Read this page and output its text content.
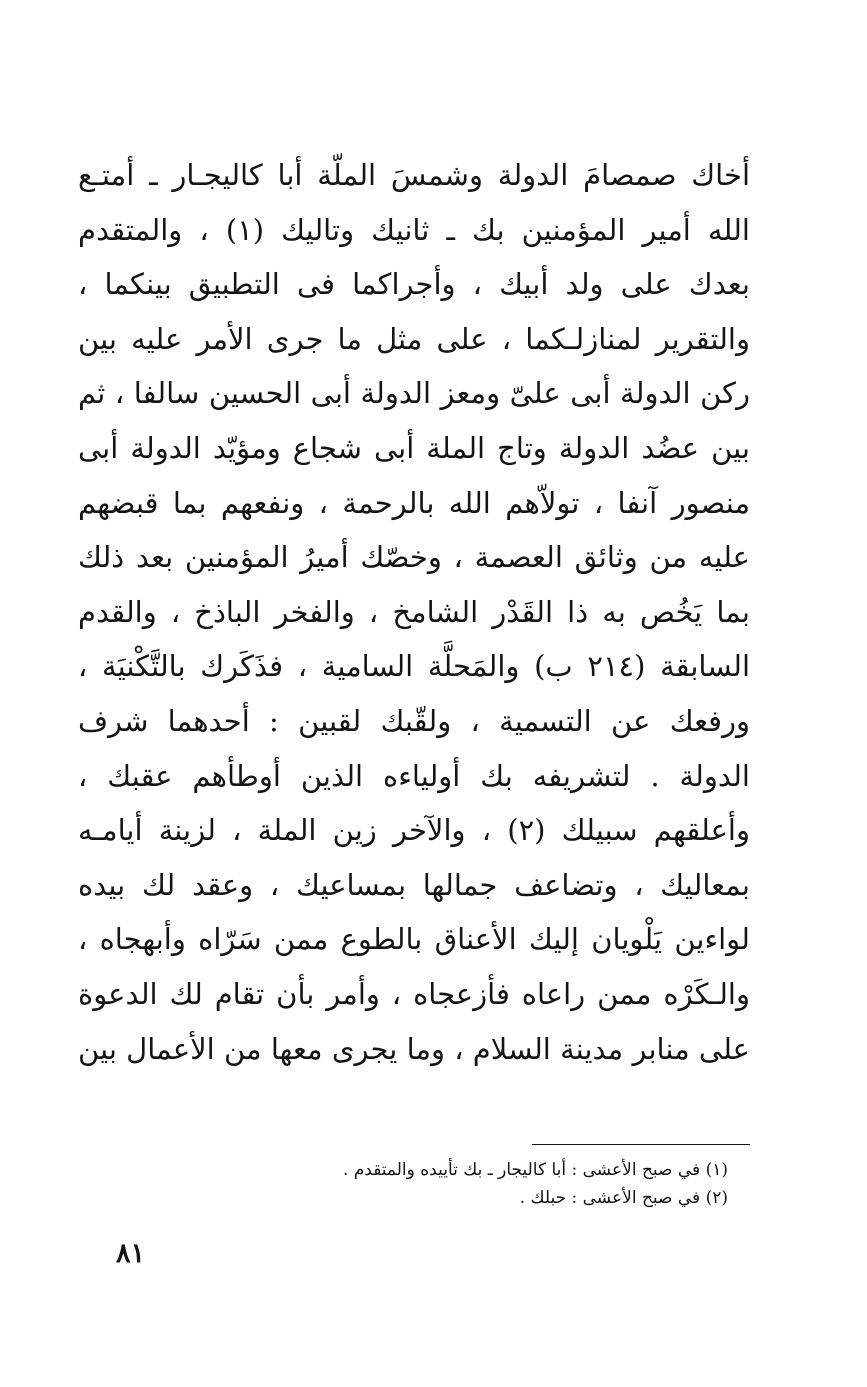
أخاك صمصامَ الدولة وشمسَ الملّة أبا كاليجـار ـ أمتـع
الله أمير المؤمنين بك ـ ثانيك وتاليك (١) ، والمتقدم
بعدك على ولد أبيك ، وأجراكما فى التطبيق بينكما ،
والتقرير لمنازلـكما ، على مثل ما جرى الأمر عليه بين
ركن الدولة أبى علىّ ومعز الدولة أبى الحسين سالفا ، ثم
بين عضُد الدولة وتاج الملة أبى شجاع ومؤيّد الدولة أبى
منصور آنفا ، تولاّهم الله بالرحمة ، ونفعهم بما قبضهم
عليه من وثائق العصمة ، وخصّك أميرُ المؤمنين بعد ذلك
بما يَخُص به ذا القَدْر الشامخ ، والفخر الباذخ ، والقدم
السابقة (٢١٤ ب) والمَحلَّة السامية ، فذَكَرك بالتَّكْنيَة ،
ورفعك عن التسمية ، ولقّبك لقبين : أحدهما شرف
الدولة . لتشريفه بك أولياءه الذين أوطأهم عقبك ،
وأعلقهم سبيلك (٢) ، والآخر زين الملة ، لزينة أيامـه
بمعاليك ، وتضاعف جمالها بمساعيك ، وعقد لك بيده
لواءين يَلْويان إليك الأعناق بالطوع ممن سَرّاه وأبهجاه ،
والـكَرْه ممن راعاه فأزعجاه ، وأمر بأن تقام لك الدعوة
على منابر مدينة السلام ، وما يجرى معها من الأعمال بين
(١) في صبح الأعشى : أبا كاليجار ـ بك تأييده والمتقدم .
(٢) في صبح الأعشى : حبلك .
٨١
